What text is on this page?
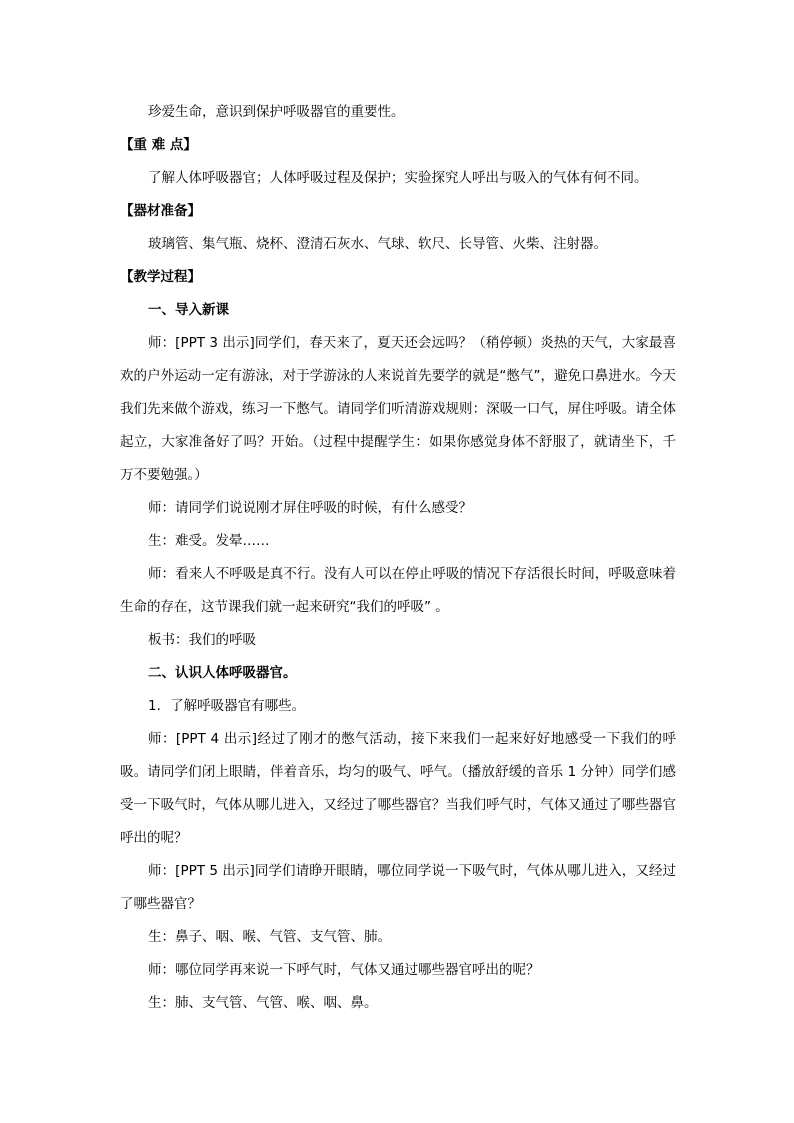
珍爱生命，意识到保护呼吸器官的重要性。

【重 难 点】

了解人体呼吸器官；人体呼吸过程及保护；实验探究人呼出与吸入的气体有何不同。

【器材准备】

玻璃管、集气瓶、烧杯、澄清石灰水、气球、软尺、长导管、火柴、注射器。

【教学过程】

一、导入新课

师：[PPT 3 出示]同学们，春天来了，夏天还会远吗？（稍停顿）炎热的天气，大家最喜欢的户外运动一定有游泳，对于学游泳的人来说首先要学的就是“憋气”，避免口鼻进水。今天我们先来做个游戏，练习一下憋气。请同学们听清游戏规则：深吸一口气，屏住呼吸。请全体起立，大家准备好了吗？开始。（过程中提醒学生：如果你感觉身体不舒服了，就请坐下，千万不要勉强。）

师：请同学们说说刚才屏住呼吸的时候，有什么感受？

生：难受。发晕……

师：看来人不呼吸是真不行。没有人可以在停止呼吸的情况下存活很长时间，呼吸意味着生命的存在，这节课我们就一起来研究“我们的呼吸” 。

板书：我们的呼吸

二、认识人体呼吸器官。

1．了解呼吸器官有哪些。

师：[PPT 4 出示]经过了刚才的憋气活动，接下来我们一起来好好地感受一下我们的呼吸。请同学们闭上眼睛，伴着音乐，均匀的吸气、呼气。（播放舒缓的音乐 1 分钟）同学们感受一下吸气时，气体从哪儿进入，又经过了哪些器官？当我们呼气时，气体又通过了哪些器官呼出的呢？

师：[PPT 5 出示]同学们请睁开眼睛，哪位同学说一下吸气时，气体从哪儿进入，又经过了哪些器官？

生：鼻子、咽、喉、气管、支气管、肺。

师：哪位同学再来说一下呼气时，气体又通过哪些器官呼出的呢？

生：肺、支气管、气管、喉、咽、鼻。
